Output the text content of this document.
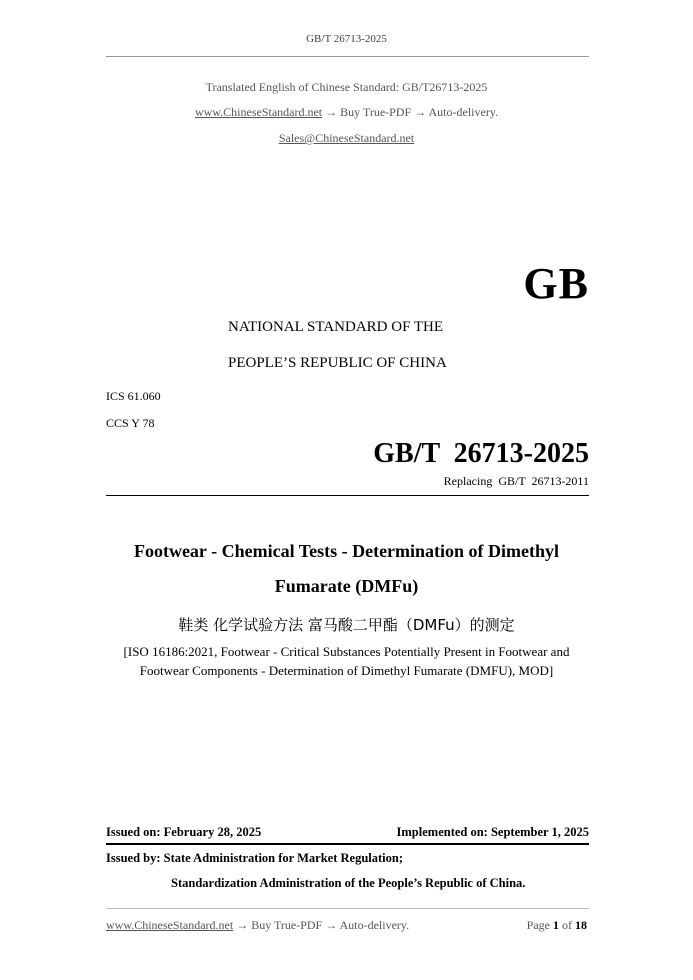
GB/T 26713-2025
Translated English of Chinese Standard: GB/T26713-2025
www.ChineseStandard.net → Buy True-PDF → Auto-delivery.
Sales@ChineseStandard.net
GB
NATIONAL STANDARD OF THE
PEOPLE’S REPUBLIC OF CHINA
ICS 61.060
CCS Y 78
GB/T  26713-2025
Replacing  GB/T  26713-2011
Footwear - Chemical Tests - Determination of Dimethyl
Fumarate (DMFu)
鞋类 化学试验方法 富马酸二甲酯（DMFu）的测定
[ISO 16186:2021, Footwear - Critical Substances Potentially Present in Footwear and
Footwear Components - Determination of Dimethyl Fumarate (DMFU), MOD]
Issued on: February 28, 2025	Implemented on: September 1, 2025
Issued by: State Administration for Market Regulation;
Standardization Administration of the People’s Republic of China.
www.ChineseStandard.net → Buy True-PDF → Auto-delivery.	Page 1 of 18
